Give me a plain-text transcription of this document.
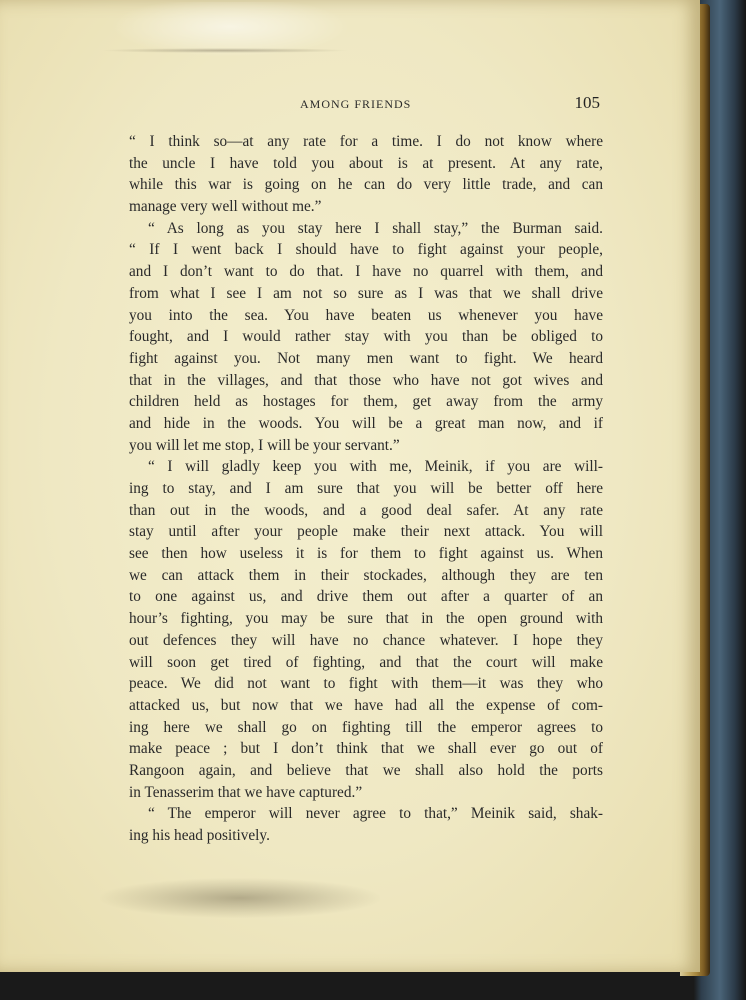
AMONG FRIENDS	105
“ I think so—at any rate for a time. I do not know where
the uncle I have told you about is at present. At any rate,
while this war is going on he can do very little trade, and can
manage very well without me.”
“ As long as you stay here I shall stay,” the Burman said.
“ If I went back I should have to fight against your people,
and I don’t want to do that. I have no quarrel with them, and
from what I see I am not so sure as I was that we shall drive
you into the sea. You have beaten us whenever you have
fought, and I would rather stay with you than be obliged to
fight against you. Not many men want to fight. We heard
that in the villages, and that those who have not got wives and
children held as hostages for them, get away from the army
and hide in the woods. You will be a great man now, and if
you will let me stop, I will be your servant.”
“ I will gladly keep you with me, Meinik, if you are will-
ing to stay, and I am sure that you will be better off here
than out in the woods, and a good deal safer. At any rate
stay until after your people make their next attack. You will
see then how useless it is for them to fight against us. When
we can attack them in their stockades, although they are ten
to one against us, and drive them out after a quarter of an
hour’s fighting, you may be sure that in the open ground with
out defences they will have no chance whatever. I hope they
will soon get tired of fighting, and that the court will make
peace. We did not want to fight with them—it was they who
attacked us, but now that we have had all the expense of com-
ing here we shall go on fighting till the emperor agrees to
make peace ; but I don’t think that we shall ever go out of
Rangoon again, and believe that we shall also hold the ports
in Tenasserim that we have captured.”
“ The emperor will never agree to that,” Meinik said, shak-
ing his head positively.
